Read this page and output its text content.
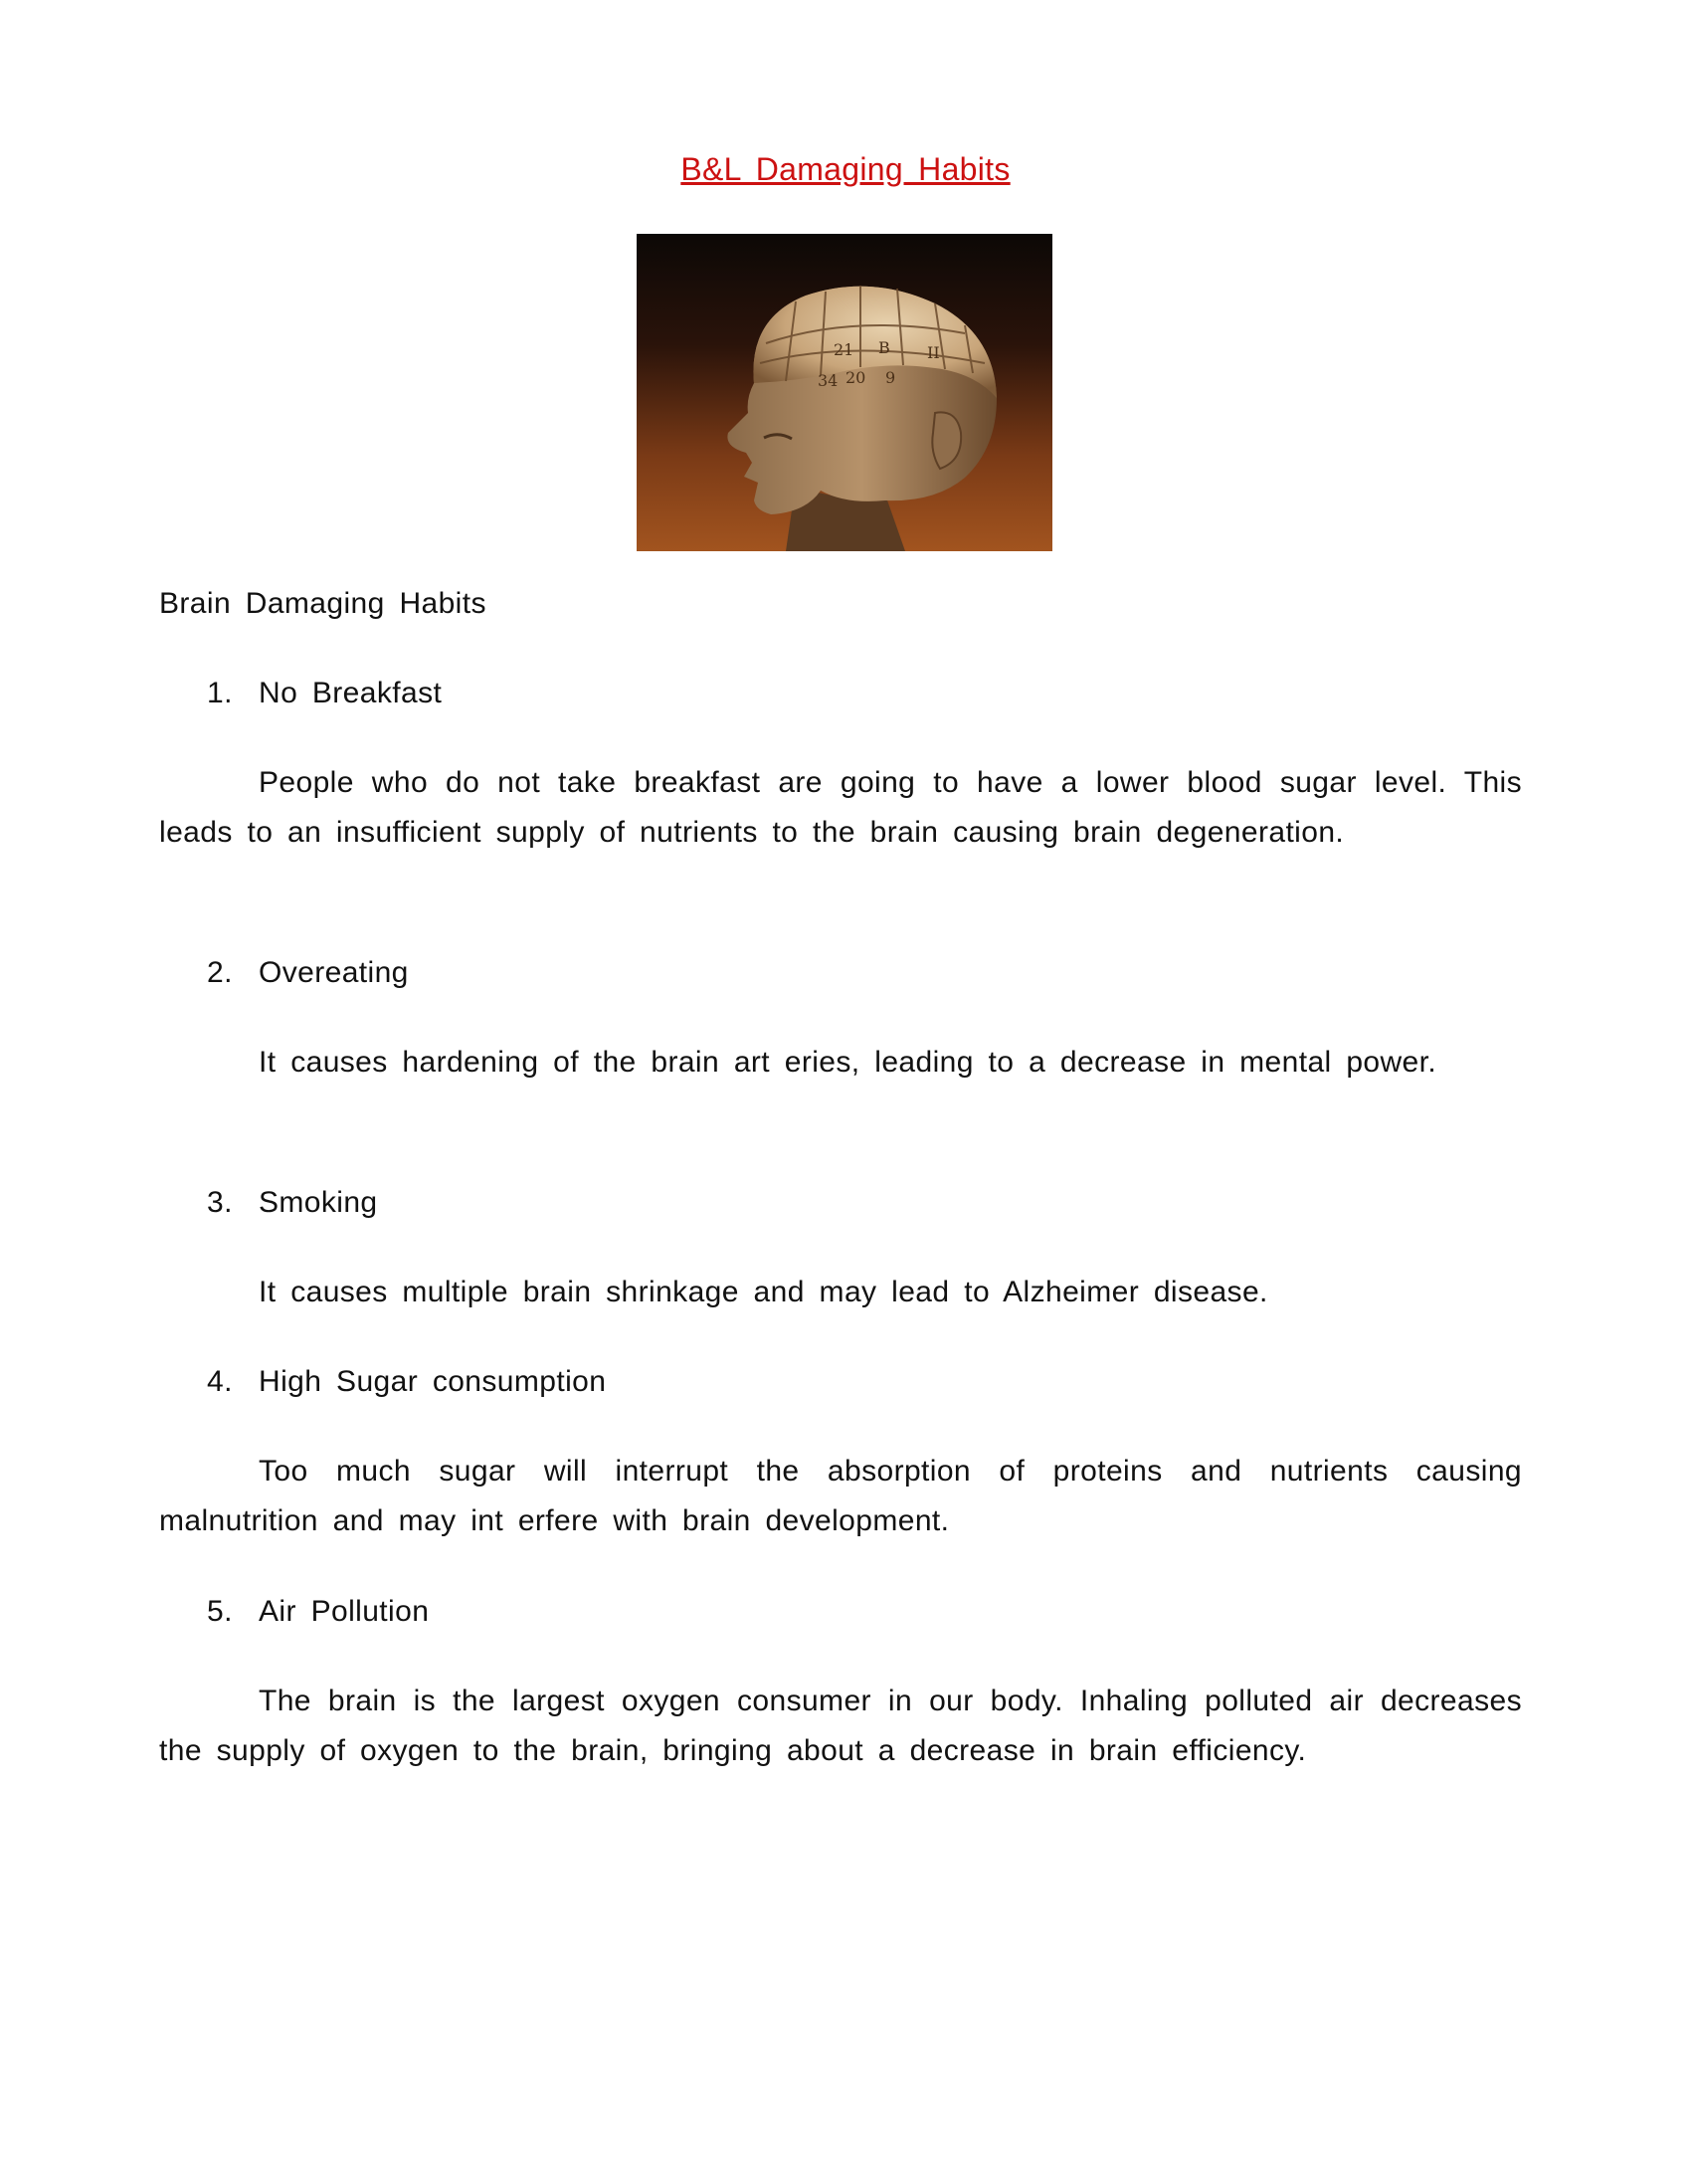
B&L Damaging Habits
21 B II
20
34	9
Brain Damaging Habits
1. No Breakfast
People who do not take breakfast are going to have a lower blood sugar level. This leads to an insufficient supply of nutrients to the brain causing brain degeneration.
2. Overeating
It causes hardening of the brain art eries, leading to a decrease in mental power.
3. Smoking
It causes multiple brain shrinkage and may lead to Alzheimer disease.
4. High Sugar consumption
Too much sugar will interrupt the absorption of proteins and nutrients causing malnutrition and may int erfere with brain development.
5. Air Pollution
The brain is the largest oxygen consumer in our body. Inhaling polluted air decreases the supply of oxygen to the brain, bringing about a decrease in brain efficiency.
